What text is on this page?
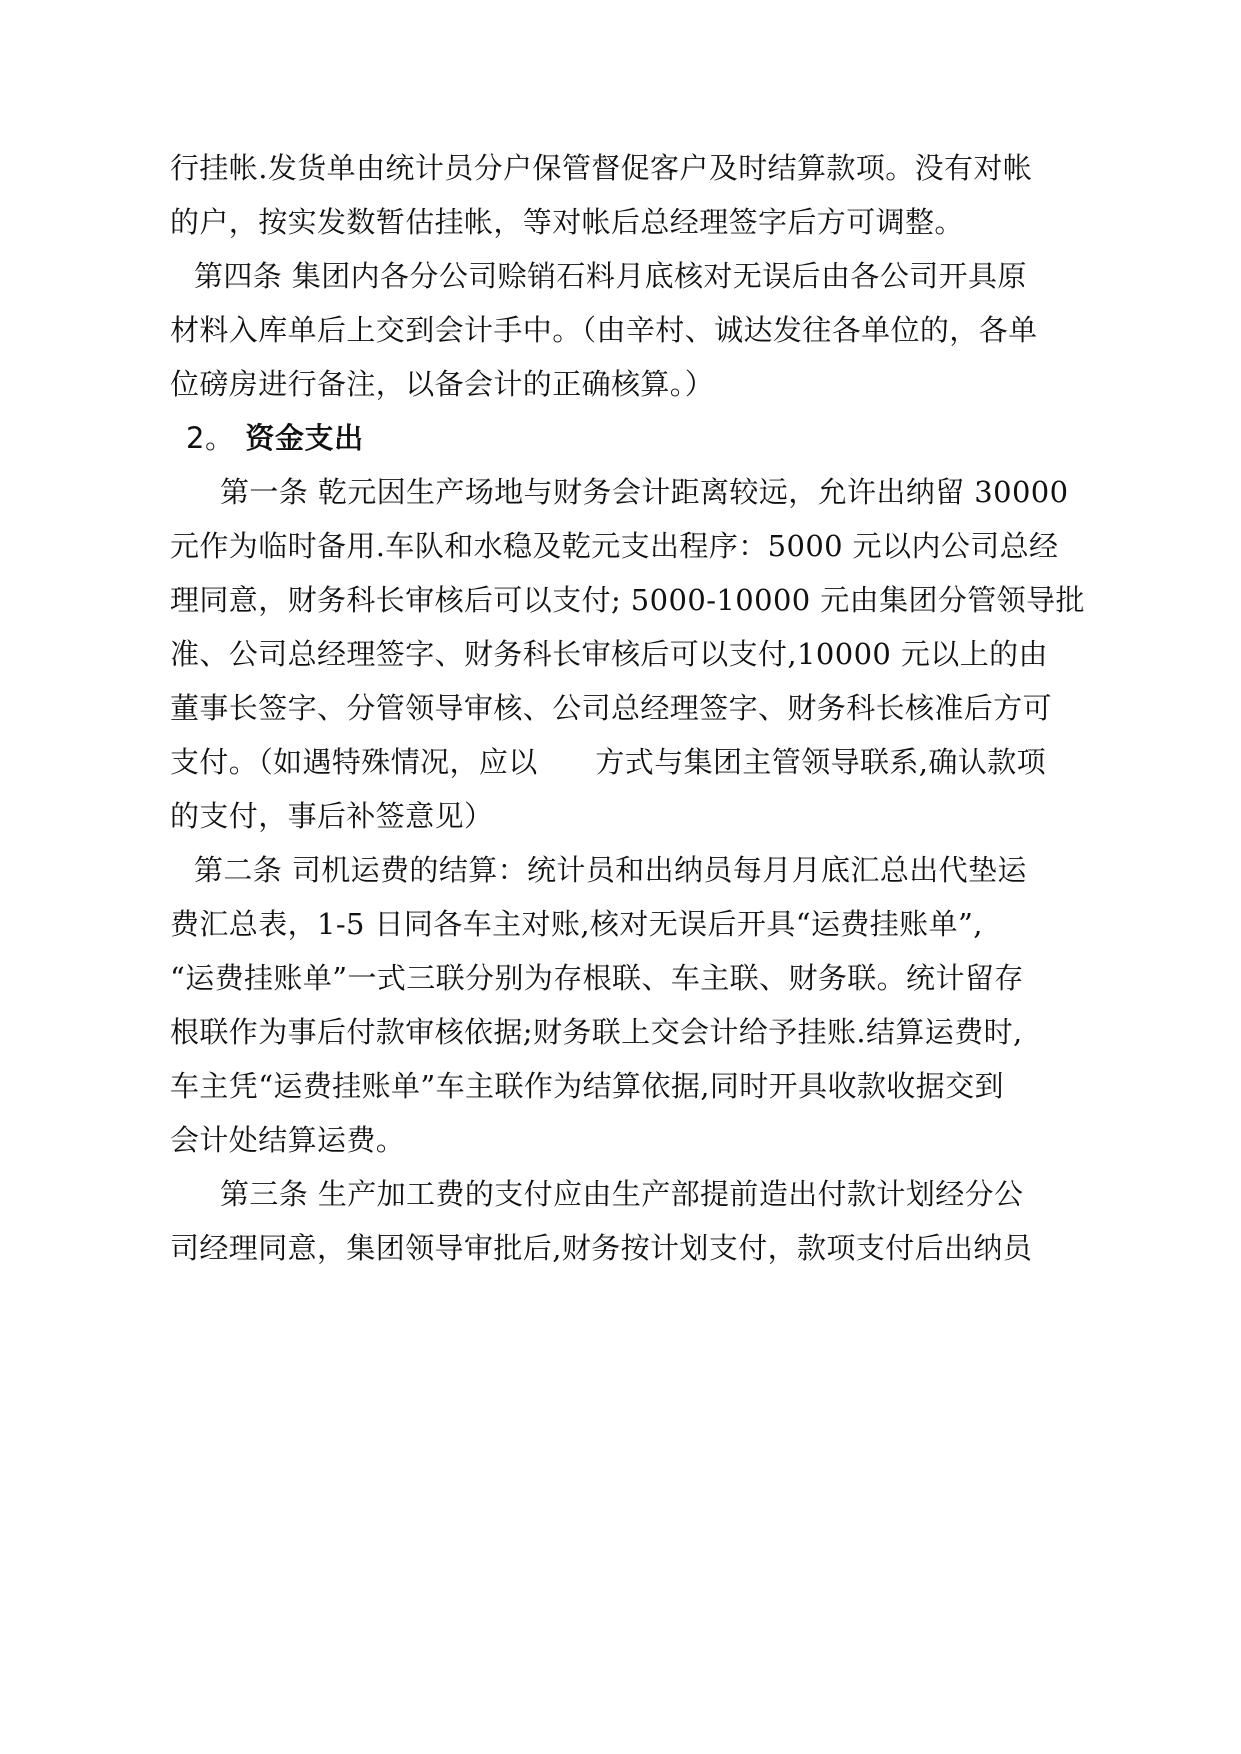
行挂帐.发货单由统计员分户保管督促客户及时结算款项。没有对帐

的户，按实发数暂估挂帐，等对帐后总经理签字后方可调整。

第四条 集团内各分公司赊销石料月底核对无误后由各公司开具原

材料入库单后上交到会计手中。（由辛村、诚达发往各单位的，各单

位磅房进行备注，以备会计的正确核算。）

2。 资金支出

第一条 乾元因生产场地与财务会计距离较远，允许出纳留 30000

元作为临时备用.车队和水稳及乾元支出程序：5000 元以内公司总经

理同意，财务科长审核后可以支付; 5000-10000 元由集团分管领导批

准、公司总经理签字、财务科长审核后可以支付,10000 元以上的由

董事长签字、分管领导审核、公司总经理签字、财务科长核准后方可

支付。（如遇特殊情况，应以      方式与集团主管领导联系,确认款项

的支付，事后补签意见）

第二条 司机运费的结算：统计员和出纳员每月月底汇总出代垫运

费汇总表，1-5 日同各车主对账,核对无误后开具“运费挂账单”,

“运费挂账单”一式三联分别为存根联、车主联、财务联。统计留存

根联作为事后付款审核依据;财务联上交会计给予挂账.结算运费时,

车主凭“运费挂账单”车主联作为结算依据,同时开具收款收据交到

会计处结算运费。

第三条 生产加工费的支付应由生产部提前造出付款计划经分公

司经理同意，集团领导审批后,财务按计划支付，款项支付后出纳员
